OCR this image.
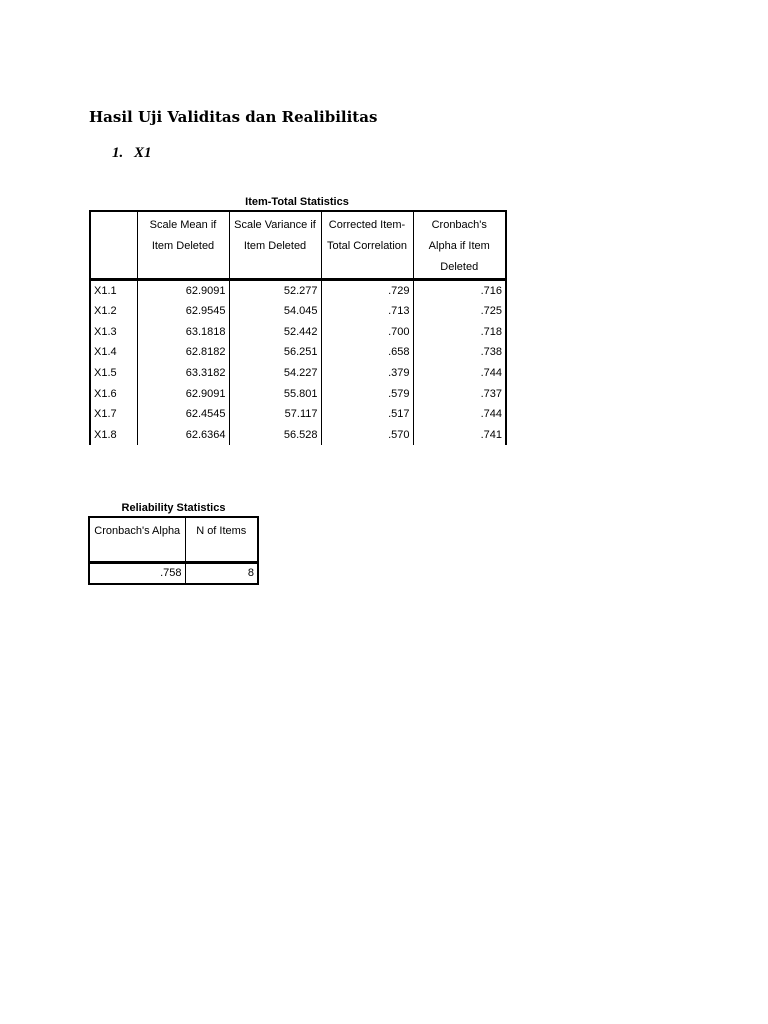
Hasil Uji Validitas dan Realibilitas
1. X1
Item-Total Statistics
	Scale Mean if Item Deleted	Scale Variance if Item Deleted	Corrected Item-Total Correlation	Cronbach's Alpha if Item Deleted
X1.1	62.9091	52.277	.729	.716
X1.2	62.9545	54.045	.713	.725
X1.3	63.1818	52.442	.700	.718
X1.4	62.8182	56.251	.658	.738
X1.5	63.3182	54.227	.379	.744
X1.6	62.9091	55.801	.579	.737
X1.7	62.4545	57.117	.517	.744
X1.8	62.6364	56.528	.570	.741
Reliability Statistics
Cronbach's Alpha	N of Items
.758	8
